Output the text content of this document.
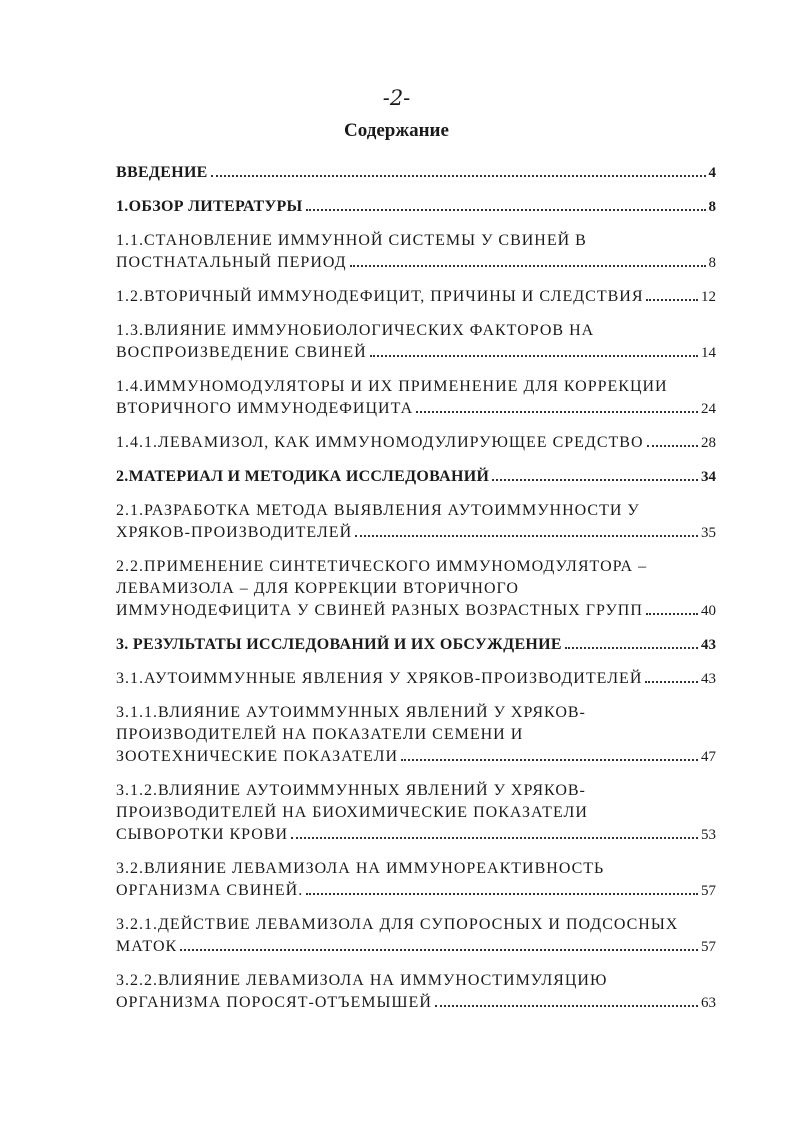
-2-
Содержание
ВВЕДЕНИЕ	4
1.ОБЗОР ЛИТЕРАТУРЫ	8
1.1.СТАНОВЛЕНИЕ ИММУННОЙ СИСТЕМЫ У СВИНЕЙ В
ПОСТНАТАЛЬНЫЙ ПЕРИОД	8
1.2.ВТОРИЧНЫЙ ИММУНОДЕФИЦИТ, ПРИЧИНЫ И СЛЕДСТВИЯ	12
1.3.ВЛИЯНИЕ ИММУНОБИОЛОГИЧЕСКИХ ФАКТОРОВ НА
ВОСПРОИЗВЕДЕНИЕ СВИНЕЙ	14
1.4.ИММУНОМОДУЛЯТОРЫ И ИХ ПРИМЕНЕНИЕ ДЛЯ КОРРЕКЦИИ
ВТОРИЧНОГО ИММУНОДЕФИЦИТА	24
1.4.1.ЛЕВАМИЗОЛ, КАК ИММУНОМОДУЛИРУЮЩЕЕ СРЕДСТВО	28
2.МАТЕРИАЛ И МЕТОДИКА ИССЛЕДОВАНИЙ	34
2.1.РАЗРАБОТКА МЕТОДА ВЫЯВЛЕНИЯ АУТОИММУННОСТИ У
ХРЯКОВ-ПРОИЗВОДИТЕЛЕЙ	35
2.2.ПРИМЕНЕНИЕ СИНТЕТИЧЕСКОГО ИММУНОМОДУЛЯТОРА –
ЛЕВАМИЗОЛА – ДЛЯ КОРРЕКЦИИ ВТОРИЧНОГО
ИММУНОДЕФИЦИТА У СВИНЕЙ РАЗНЫХ ВОЗРАСТНЫХ ГРУПП	40
3. РЕЗУЛЬТАТЫ ИССЛЕДОВАНИЙ И ИХ ОБСУЖДЕНИЕ	43
3.1.АУТОИММУННЫЕ ЯВЛЕНИЯ У ХРЯКОВ-ПРОИЗВОДИТЕЛЕЙ	43
3.1.1.ВЛИЯНИЕ АУТОИММУННЫХ ЯВЛЕНИЙ У ХРЯКОВ-
ПРОИЗВОДИТЕЛЕЙ НА ПОКАЗАТЕЛИ СЕМЕНИ И
ЗООТЕХНИЧЕСКИЕ ПОКАЗАТЕЛИ	47
3.1.2.ВЛИЯНИЕ АУТОИММУННЫХ ЯВЛЕНИЙ У ХРЯКОВ-
ПРОИЗВОДИТЕЛЕЙ НА БИОХИМИЧЕСКИЕ ПОКАЗАТЕЛИ
СЫВОРОТКИ КРОВИ	53
3.2.ВЛИЯНИЕ ЛЕВАМИЗОЛА НА ИММУНОРЕАКТИВНОСТЬ
ОРГАНИЗМА СВИНЕЙ.	57
3.2.1.ДЕЙСТВИЕ ЛЕВАМИЗОЛА ДЛЯ СУПОРОСНЫХ И ПОДСОСНЫХ
МАТОК	57
3.2.2.ВЛИЯНИЕ ЛЕВАМИЗОЛА НА ИММУНОСТИМУЛЯЦИЮ
ОРГАНИЗМА ПОРОСЯТ-ОТЪЕМЫШЕЙ	63
